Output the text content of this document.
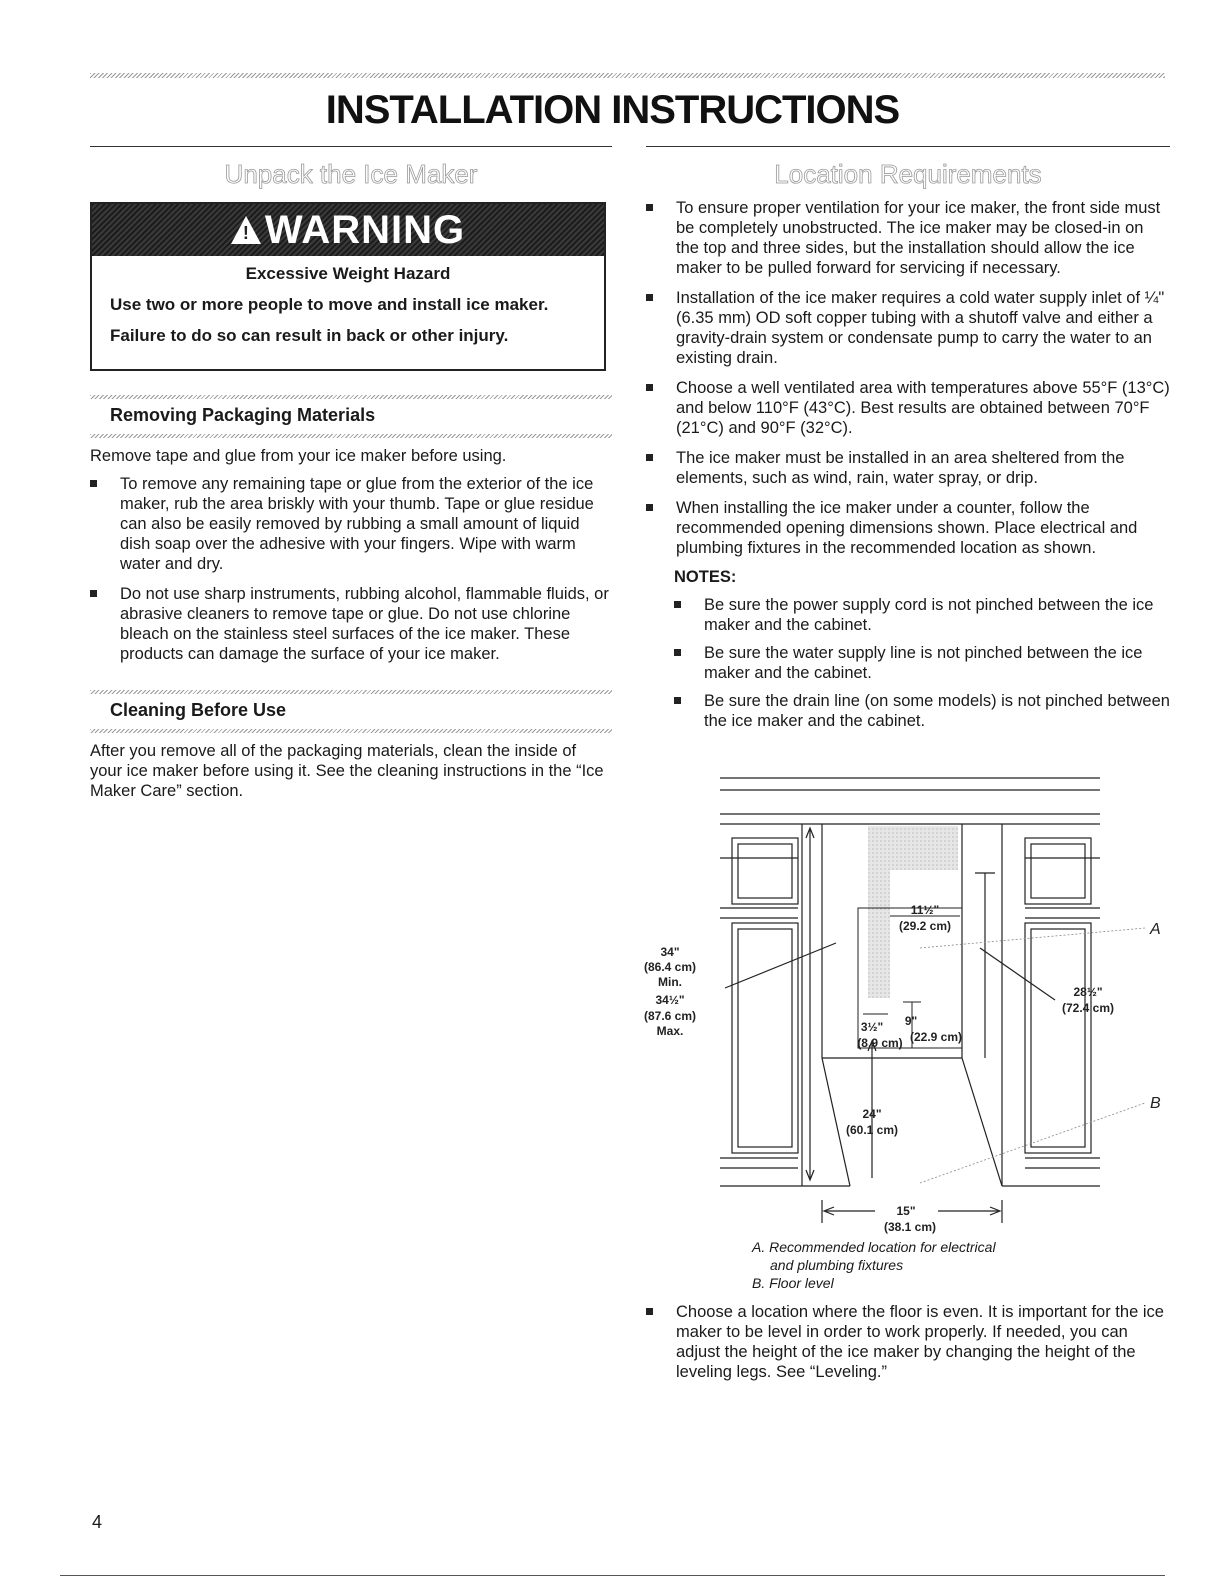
INSTALLATION INSTRUCTIONS
Unpack the Ice Maker
! WARNING
Excessive Weight Hazard
Use two or more people to move and install ice maker.
Failure to do so can result in back or other injury.
Removing Packaging Materials
Remove tape and glue from your ice maker before using.
To remove any remaining tape or glue from the exterior of the ice maker, rub the area briskly with your thumb. Tape or glue residue can also be easily removed by rubbing a small amount of liquid dish soap over the adhesive with your fingers. Wipe with warm water and dry.
Do not use sharp instruments, rubbing alcohol, flammable fluids, or abrasive cleaners to remove tape or glue. Do not use chlorine bleach on the stainless steel surfaces of the ice maker. These products can damage the surface of your ice maker.
Cleaning Before Use
After you remove all of the packaging materials, clean the inside of your ice maker before using it. See the cleaning instructions in the “Ice Maker Care” section.
Location Requirements
To ensure proper ventilation for your ice maker, the front side must be completely unobstructed. The ice maker may be closed-in on the top and three sides, but the installation should allow the ice maker to be pulled forward for servicing if necessary.
Installation of the ice maker requires a cold water supply inlet of ¼" (6.35 mm) OD soft copper tubing with a shutoff valve and either a gravity-drain system or condensate pump to carry the water to an existing drain.
Choose a well ventilated area with temperatures above 55°F (13°C) and below 110°F (43°C). Best results are obtained between 70°F (21°C) and 90°F (32°C).
The ice maker must be installed in an area sheltered from the elements, such as wind, rain, water spray, or drip.
When installing the ice maker under a counter, follow the recommended opening dimensions shown. Place electrical and plumbing fixtures in the recommended location as shown.
NOTES:
Be sure the power supply cord is not pinched between the ice maker and the cabinet.
Be sure the water supply line is not pinched between the ice maker and the cabinet.
Be sure the drain line (on some models) is not pinched between the ice maker and the cabinet.
34"
(86.4 cm)
Min.
34½"
(87.6 cm)
Max.
11½"
(29.2 cm)
3½"
(8.9 cm)
9"
(22.9 cm)
28½"
(72.4 cm)
24"
(60.1 cm)
15"
(38.1 cm)
A
B
A. Recommended location for electrical
and plumbing fixtures
B. Floor level
Choose a location where the floor is even. It is important for the ice maker to be level in order to work properly. If needed, you can adjust the height of the ice maker by changing the height of the leveling legs. See “Leveling.”
4
